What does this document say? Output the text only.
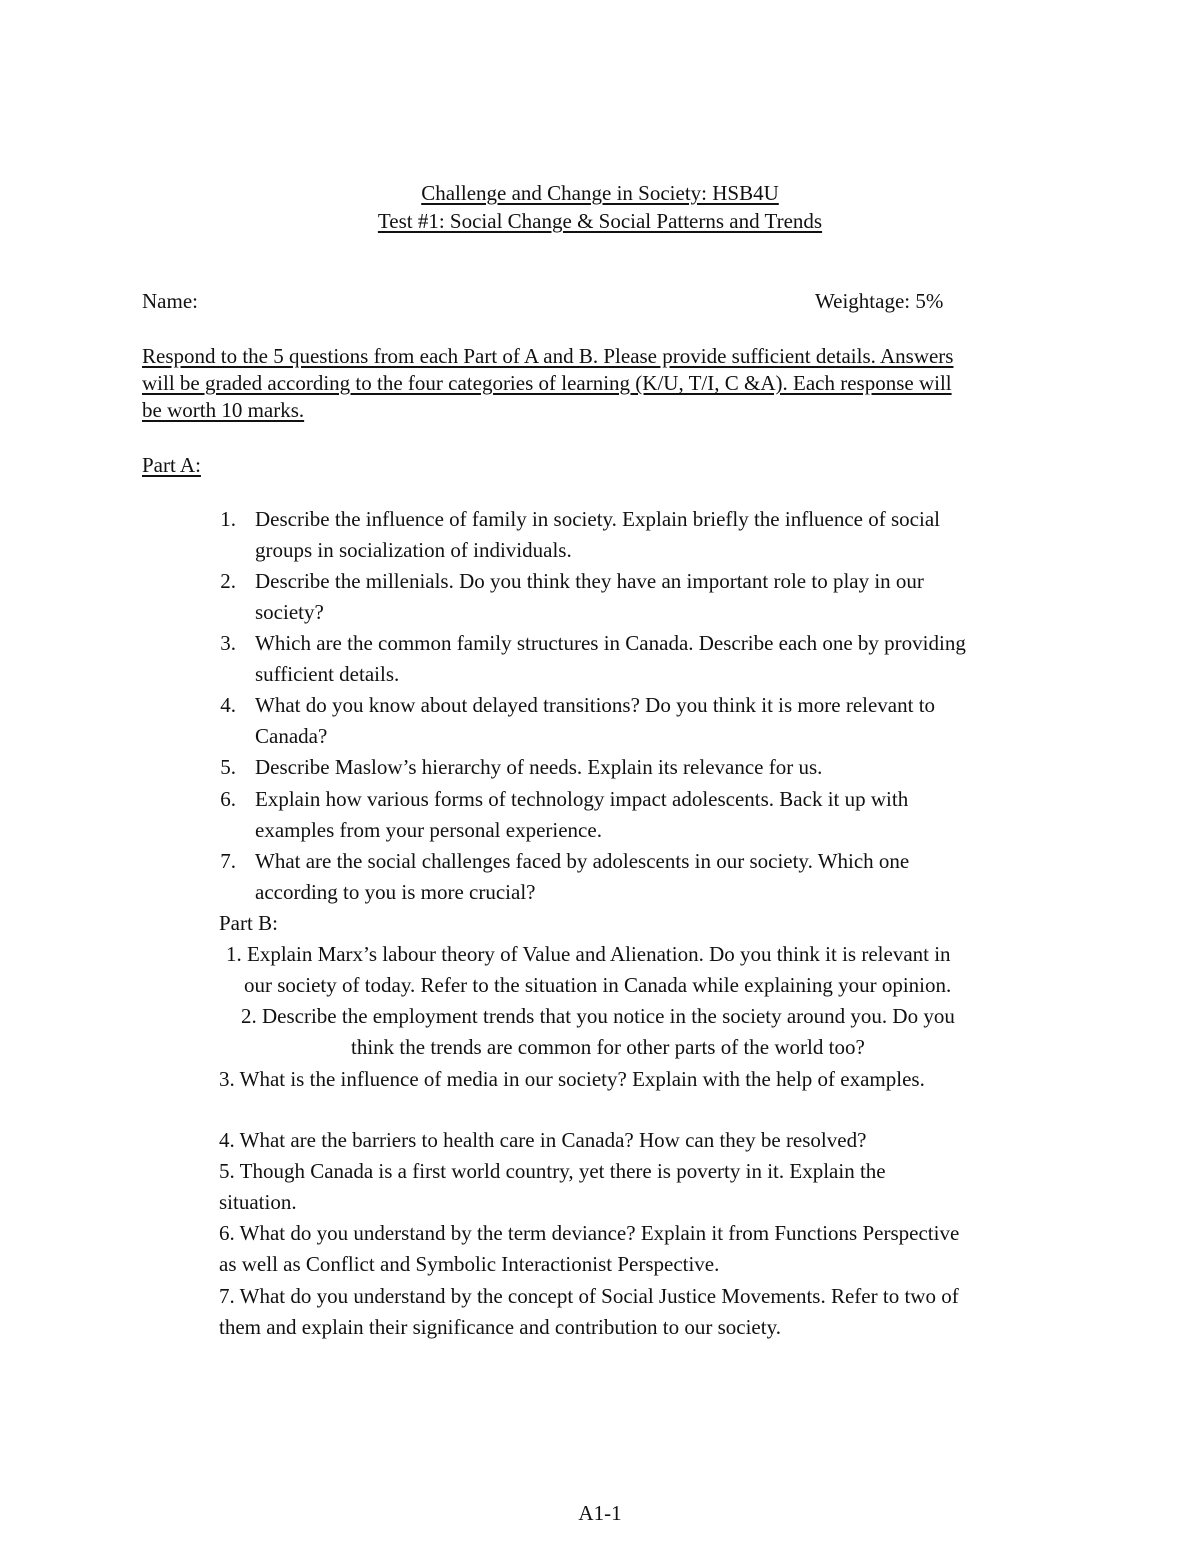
Challenge and Change in Society: HSB4U
Test #1: Social Change & Social Patterns and Trends
Name:	Weightage: 5%
Respond to the 5 questions from each Part of A and B. Please provide sufficient details. Answers
will be graded according to the four categories of learning (K/U, T/I, C &A). Each response will
be worth 10 marks.
Part A:
1. Describe the influence of family in society. Explain briefly the influence of social
groups in socialization of individuals.
2. Describe the millenials. Do you think they have an important role to play in our
society?
3. Which are the common family structures in Canada. Describe each one by providing
sufficient details.
4. What do you know about delayed transitions? Do you think it is more relevant to
Canada?
5. Describe Maslow’s hierarchy of needs. Explain its relevance for us.
6. Explain how various forms of technology impact adolescents. Back it up with
examples from your personal experience.
7. What are the social challenges faced by adolescents in our society. Which one
according to you is more crucial?
Part B:
1. Explain Marx’s labour theory of Value and Alienation. Do you think it is relevant in
our society of today. Refer to the situation in Canada while explaining your opinion.
2. Describe the employment trends that you notice in the society around you. Do you
think the trends are common for other parts of the world too?
3. What is the influence of media in our society? Explain with the help of examples.
4. What are the barriers to health care in Canada? How can they be resolved?
5. Though Canada is a first world country, yet there is poverty in it. Explain the
situation.
6. What do you understand by the term deviance? Explain it from Functions Perspective
as well as Conflict and Symbolic Interactionist Perspective.
7. What do you understand by the concept of Social Justice Movements. Refer to two of
them and explain their significance and contribution to our society.
A1-1
